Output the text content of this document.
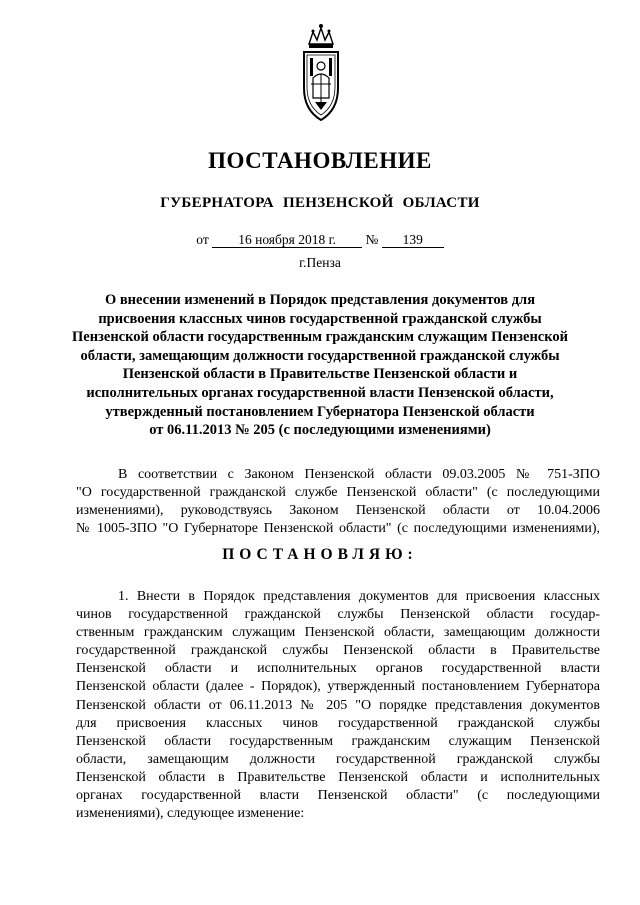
ПОСТАНОВЛЕНИЕ
ГУБЕРНАТОРА ПЕНЗЕНСКОЙ ОБЛАСТИ
от 16 ноября 2018 г. № 139
г.Пенза
О внесении изменений в Порядок представления документов для
присвоения классных чинов государственной гражданской службы
Пензенской области государственным гражданским служащим Пензенской
области, замещающим должности государственной гражданской службы
Пензенской области в Правительстве Пензенской области и
исполнительных органах государственной власти Пензенской области,
утвержденный постановлением Губернатора Пензенской области
от 06.11.2013 № 205 (с последующими изменениями)
В соответствии с Законом Пензенской области 09.03.2005 № 751-ЗПО
"О государственной гражданской службе Пензенской области" (с последующими
изменениями), руководствуясь Законом Пензенской области от 10.04.2006
№ 1005-ЗПО "О Губернаторе Пензенской области" (с последующими изменениями),
ПОСТАНОВЛЯЮ:
1. Внести в Порядок представления документов для присвоения классных
чинов государственной гражданской службы Пензенской области государ-
ственным гражданским служащим Пензенской области, замещающим должности
государственной гражданской службы Пензенской области в Правительстве
Пензенской области и исполнительных органов государственной власти
Пензенской области (далее - Порядок), утвержденный постановлением Губернатора
Пензенской области от 06.11.2013 № 205 "О порядке представления документов
для присвоения классных чинов государственной гражданской службы
Пензенской области государственным гражданским служащим Пензенской
области, замещающим должности государственной гражданской службы
Пензенской области в Правительстве Пензенской области и исполнительных
органах государственной власти Пензенской области" (с последующими
изменениями), следующее изменение:
